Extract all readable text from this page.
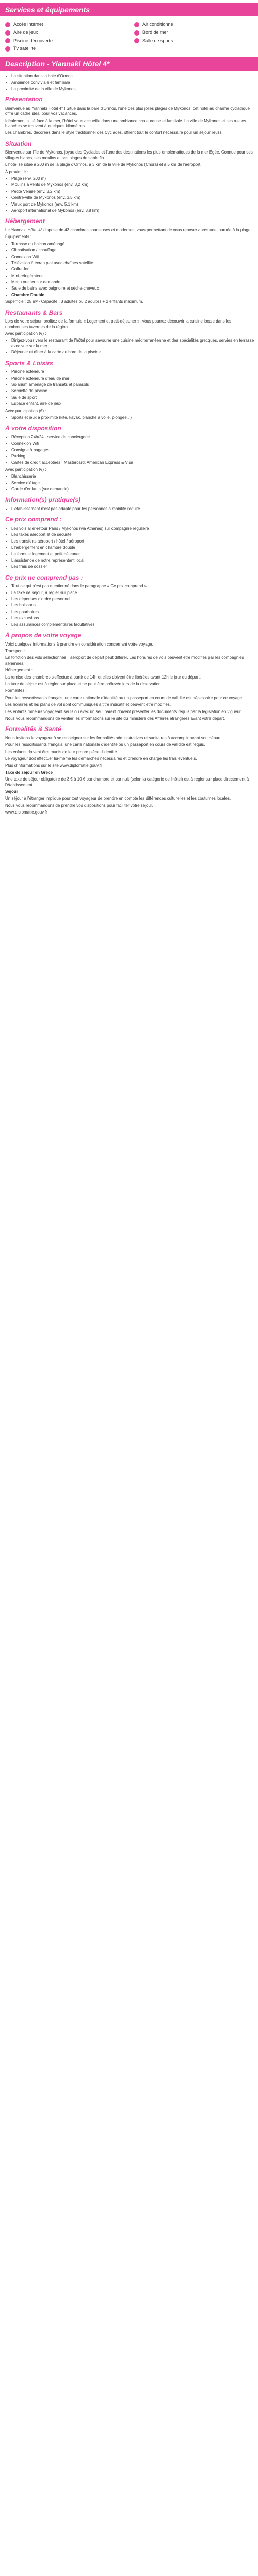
Services et équipements
Accès Internet	Air conditionné
Aire de jeux	Bord de mer
Piscine découverte	Salle de sports
Tv satellite
Description - Yiannaki Hôtel 4*
• La situation dans la baie d'Ormos
• Ambiance conviviale et familiale
• La proximité de la ville de Mykonos
Présentation

Bienvenue au Yiannaki Hôtel 4* ! Situé dans la baie d'Ormos, l'une des plus jolies plages de Mykonos, cet hôtel au charme cycladique offre un cadre idéal pour vos vacances.

Idéalement situé face à la mer, l'hôtel vous accueille dans une ambiance chaleureuse et familiale. La ville de Mykonos et ses ruelles blanches se trouvent à quelques kilomètres.

Les chambres, décorées dans le style traditionnel des Cyclades, offrent tout le confort nécessaire pour un séjour réussi.

Situation

Bienvenue sur l'île de Mykonos, joyau des Cyclades et l'une des destinations les plus emblématiques de la mer Égée. Connue pour ses villages blancs, ses moulins et ses plages de sable fin.

L'hôtel se situe à 200 m de la plage d'Ormos, à 3 km de la ville de Mykonos (Chora) et à 5 km de l'aéroport.

À proximité :

• Plage (env. 200 m)
• Moulins à vents de Mykonos (env. 3,2 km)
• Petite Venise (env. 3,2 km)
• Centre-ville de Mykonos (env. 3,5 km)
• Vieux port de Mykonos (env. 5,1 km)
• Aéroport international de Mykonos (env. 3,8 km)
Hébergement

Le Yiannaki Hôtel 4* dispose de 43 chambres spacieuses et modernes, vous permettant de vous reposer après une journée à la plage.

Équipements :

• Terrasse ou balcon aménagé
• Climatisation / chauffage
• Connexion Wifi
• Télévision à écran plat avec chaînes satellite
• Coffre-fort
• Mini-réfrigérateur
• Menu oreiller sur demande
• Salle de bains avec baignoire et sèche-cheveux
• Chambre Double

Superficie : 25 m² - Capacité : 3 adultes ou 2 adultes + 2 enfants maximum.

Restaurants & Bars

Lors de votre séjour, profitez de la formule « Logement et petit-déjeuner ». Vous pourrez découvrir la cuisine locale dans les nombreuses tavernes de la région.

Avec participation (€) :

• Dirigez-vous vers le restaurant de l'hôtel pour savourer une cuisine méditerranéenne et des spécialités grecques, servies en terrasse avec vue sur la mer.
• Déjeuner et dîner à la carte au bord de la piscine.
Sports & Loisirs
• Piscine extérieure
• Piscine extérieure d'eau de mer
• Solarium aménagé de transats et parasols
• Serviette de piscine
• Salle de sport
• Espace enfant, aire de jeux

Avec participation (€) :

• Sports et jeux à proximité (kite, kayak, planche à voile, plongée...)
À votre disposition
• Réception 24h/24 - service de conciergerie
• Connexion Wifi
• Consigne à bagages
• Parking
• Cartes de crédit acceptées : Mastercard, American Express & Visa

Avec participation (€) :

• Blanchisserie
• Service d'étage
• Garde d'enfants (sur demande)
Information(s) pratique(s)
• L'établissement n'est pas adapté pour les personnes à mobilité réduite.
Ce prix comprend :
• Les vols aller-retour Paris / Mykonos (via Athènes) sur compagnie régulière
• Les taxes aéroport et de sécurité
• Les transferts aéroport / hôtel / aéroport
• L'hébergement en chambre double
• La formule logement et petit-déjeuner
• L'assistance de notre représentant local
• Les frais de dossier
Ce prix ne comprend pas :
• Tout ce qui n'est pas mentionné dans le paragraphe « Ce prix comprend »
• La taxe de séjour, à régler sur place
• Les dépenses d'ordre personnel
• Les boissons
• Les pourboires
• Les excursions
• Les assurances complémentaires facultatives
À propos de votre voyage

Voici quelques informations à prendre en considération concernant votre voyage.

Transport :

En fonction des vols sélectionnés, l'aéroport de départ peut différer. Les horaires de vols peuvent être modifiés par les compagnies aériennes.

Hébergement :

La remise des chambres s'effectue à partir de 14h et elles doivent être libérées avant 12h le jour du départ.

La taxe de séjour est à régler sur place et ne peut être prélevée lors de la réservation.

Formalités :

Pour les ressortissants français, une carte nationale d'identité ou un passeport en cours de validité est nécessaire pour ce voyage.

Les horaires et les plans de vol sont communiqués à titre indicatif et peuvent être modifiés.

Les enfants mineurs voyageant seuls ou avec un seul parent doivent présenter les documents requis par la législation en vigueur.

Nous vous recommandons de vérifier les informations sur le site du ministère des Affaires étrangères avant votre départ.

Formalités & Santé

Nous invitons le voyageur à se renseigner sur les formalités administratives et sanitaires à accomplir avant son départ.

Pour les ressortissants français, une carte nationale d'identité ou un passeport en cours de validité est requis.

Les enfants doivent être munis de leur propre pièce d'identité.

Le voyageur doit effectuer lui-même les démarches nécessaires et prendre en charge les frais éventuels.

Plus d'informations sur le site www.diplomatie.gouv.fr

Taxe de séjour en Grèce

Une taxe de séjour obligatoire de 3 € à 10 € par chambre et par nuit (selon la catégorie de l'hôtel) est à régler sur place directement à l'établissement.

Séjour

Un séjour à l'étranger implique pour tout voyageur de prendre en compte les différences culturelles et les coutumes locales.

Nous vous recommandons de prendre vos dispositions pour faciliter votre séjour.

www.diplomatie.gouv.fr
